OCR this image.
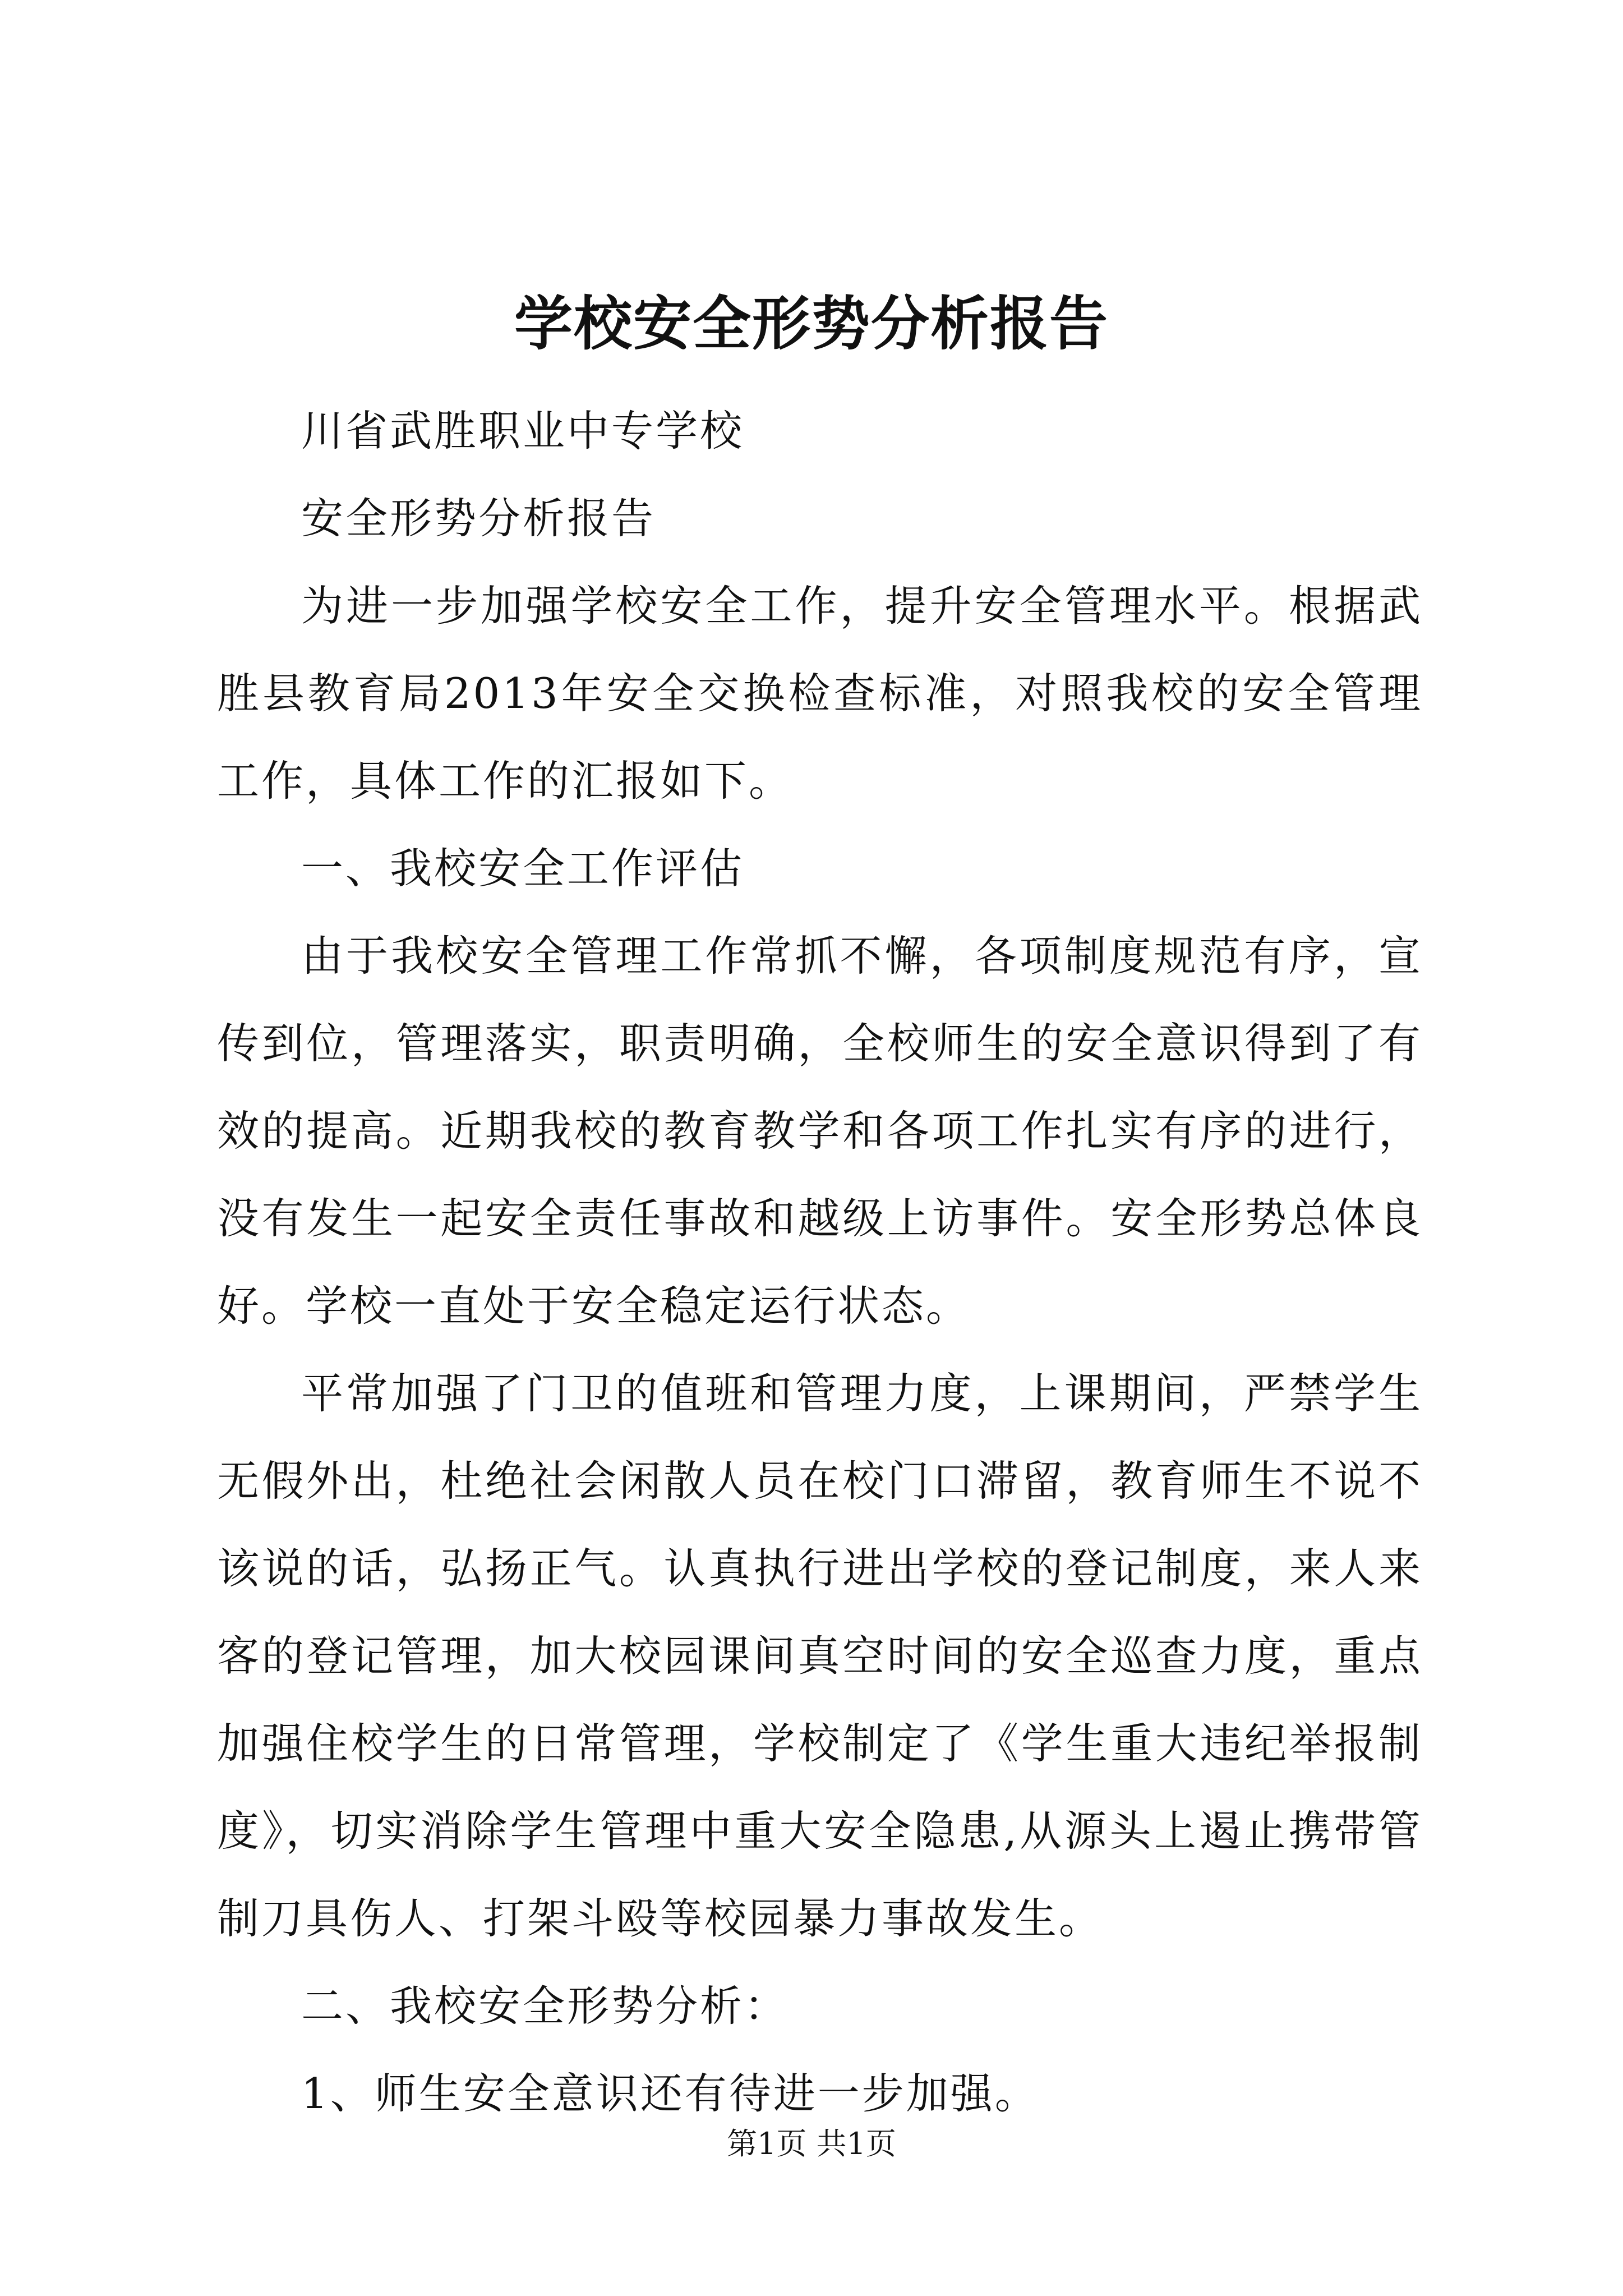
学校安全形势分析报告

川省武胜职业中专学校

安全形势分析报告

为进一步加强学校安全工作，提升安全管理水平。根据武胜县教育局2013年安全交换检查标准，对照我校的安全管理工作，具体工作的汇报如下。

一、我校安全工作评估

由于我校安全管理工作常抓不懈，各项制度规范有序，宣传到位，管理落实，职责明确，全校师生的安全意识得到了有效的提高。近期我校的教育教学和各项工作扎实有序的进行，没有发生一起安全责任事故和越级上访事件。安全形势总体良好。学校一直处于安全稳定运行状态。

平常加强了门卫的值班和管理力度，上课期间，严禁学生无假外出，杜绝社会闲散人员在校门口滞留，教育师生不说不该说的话，弘扬正气。认真执行进出学校的登记制度，来人来客的登记管理，加大校园课间真空时间的安全巡查力度，重点加强住校学生的日常管理，学校制定了《学生重大违纪举报制度》，切实消除学生管理中重大安全隐患,从源头上遏止携带管制刀具伤人、打架斗殴等校园暴力事故发生。

二、我校安全形势分析：

1、师生安全意识还有待进一步加强。

第1页 共1页
